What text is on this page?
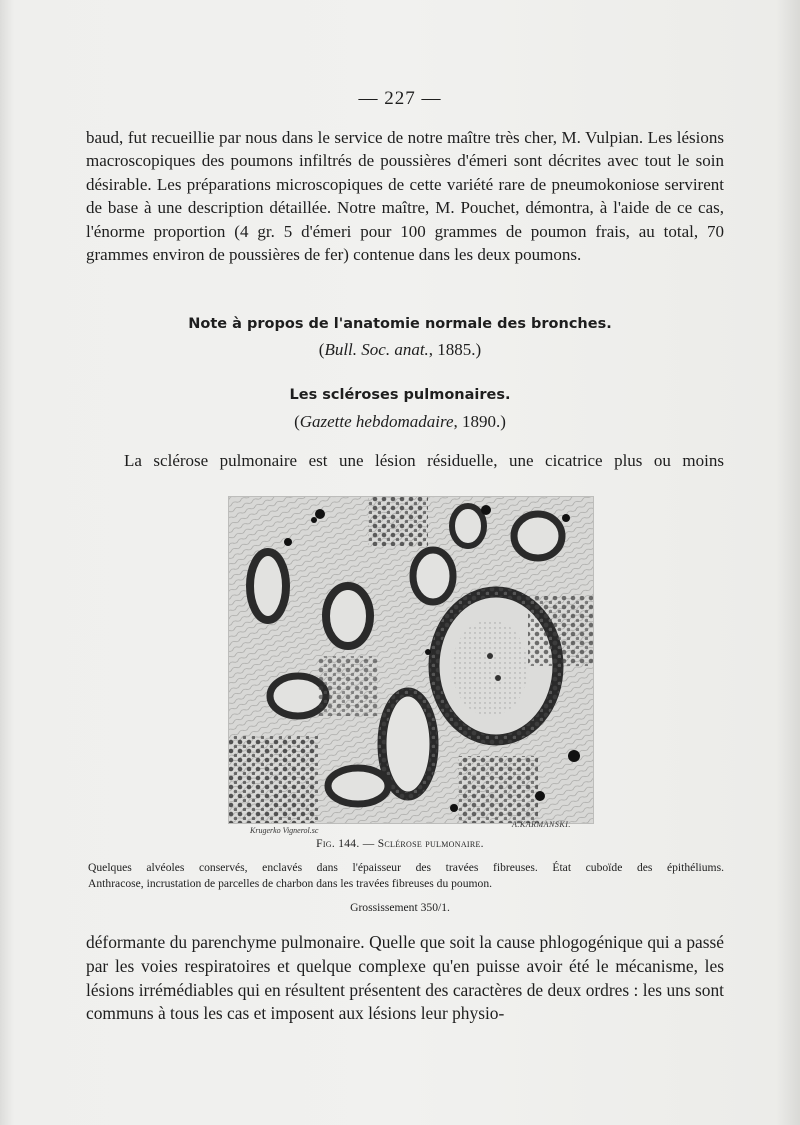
— 227 —

baud, fut recueillie par nous dans le service de notre maître très cher, M. Vulpian. Les lésions macroscopiques des poumons infiltrés de poussières d'émeri sont décrites avec tout le soin désirable. Les préparations microscopiques de cette variété rare de pneumokoniose servirent de base à une description détaillée. Notre maître, M. Pouchet, démontra, à l'aide de ce cas, l'énorme proportion (4 gr. 5 d'émeri pour 100 grammes de poumon frais, au total, 70 grammes environ de poussières de fer) contenue dans les deux poumons.

Note à propos de l'anatomie normale des bronches.
(Bull. Soc. anat., 1885.)
Les scléroses pulmonaires.
(Gazette hebdomadaire, 1890.)

La sclérose pulmonaire est une lésion résiduelle, une cicatrice plus ou moins

Krugerko Vignerol.sc
A.KARMANSKI.
Fig. 144. — Sclérose pulmonaire.

Quelques alvéoles conservés, enclavés dans l'épaisseur des travées fibreuses. État cuboïde des épithéliums.
Anthracose, incrustation de parcelles de charbon dans les travées fibreuses du poumon.

Grossissement 350/1.

déformante du parenchyme pulmonaire. Quelle que soit la cause phlogogénique qui a passé par les voies respiratoires et quelque complexe qu'en puisse avoir été le mécanisme, les lésions irrémédiables qui en résultent présentent des caractères de deux ordres : les uns sont communs à tous les cas et imposent aux lésions leur physio-
